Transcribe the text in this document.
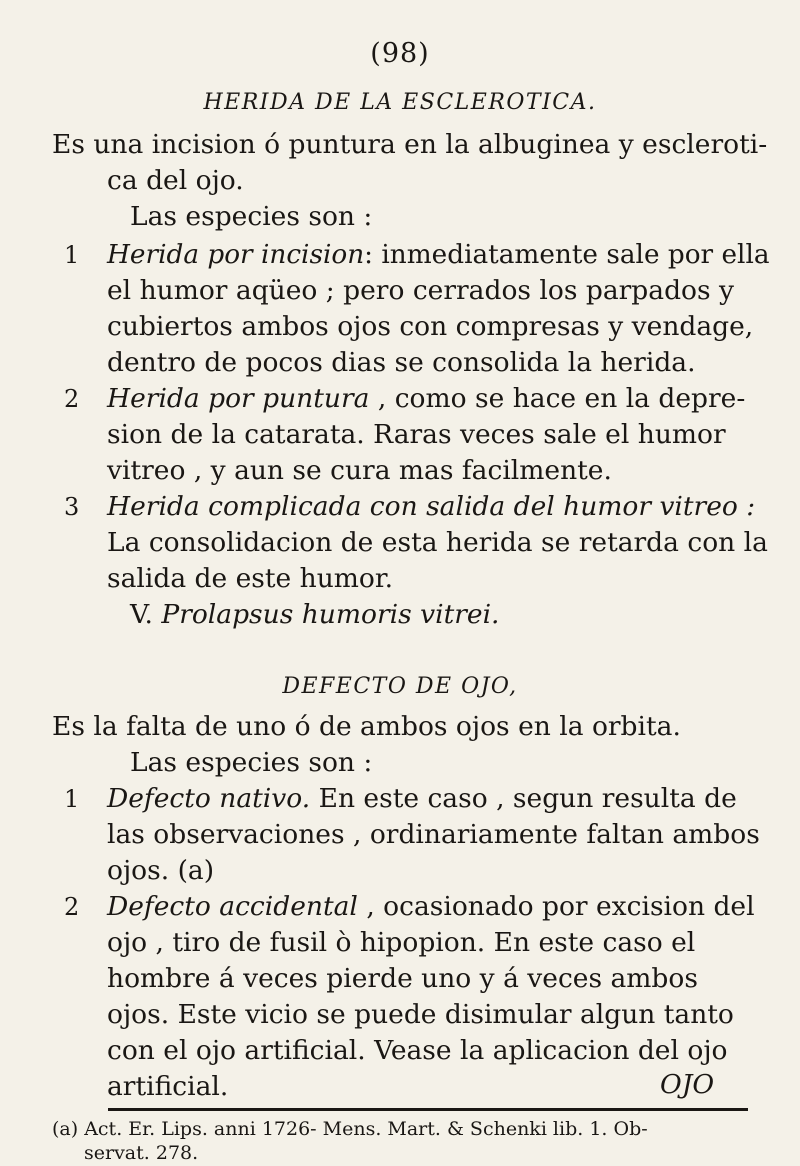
(98)
HERIDA DE LA ESCLEROTICA.
Es una incision ó puntura en la albuginea y escleroti-
ca del ojo.
Las especies son :
1 Herida por incision: inmediatamente sale por ella
el humor aqüeo ; pero cerrados los parpados y
cubiertos ambos ojos con compresas y vendage,
dentro de pocos dias se consolida la herida.
2 Herida por puntura , como se hace en la depre-
sion de la catarata. Raras veces sale el humor
vitreo , y aun se cura mas facilmente.
3 Herida complicada con salida del humor vitreo :
La consolidacion de esta herida se retarda con la
salida de este humor.
V. Prolapsus humoris vitrei.
DEFECTO DE OJO,
Es la falta de uno ó de ambos ojos en la orbita.
Las especies son :
1 Defecto nativo. En este caso , segun resulta de
las observaciones , ordinariamente faltan ambos
ojos. (a)
2 Defecto accidental , ocasionado por excision del
ojo , tiro de fusil ò hipopion. En este caso el
hombre á veces pierde uno y á veces ambos
ojos. Este vicio se puede disimular algun tanto
con el ojo artificial. Vease la aplicacion del ojo
artificial.	OJO
(a) Act. Er. Lips. anni 1726- Mens. Mart. & Schenki lib. 1. Ob-
servat. 278.
